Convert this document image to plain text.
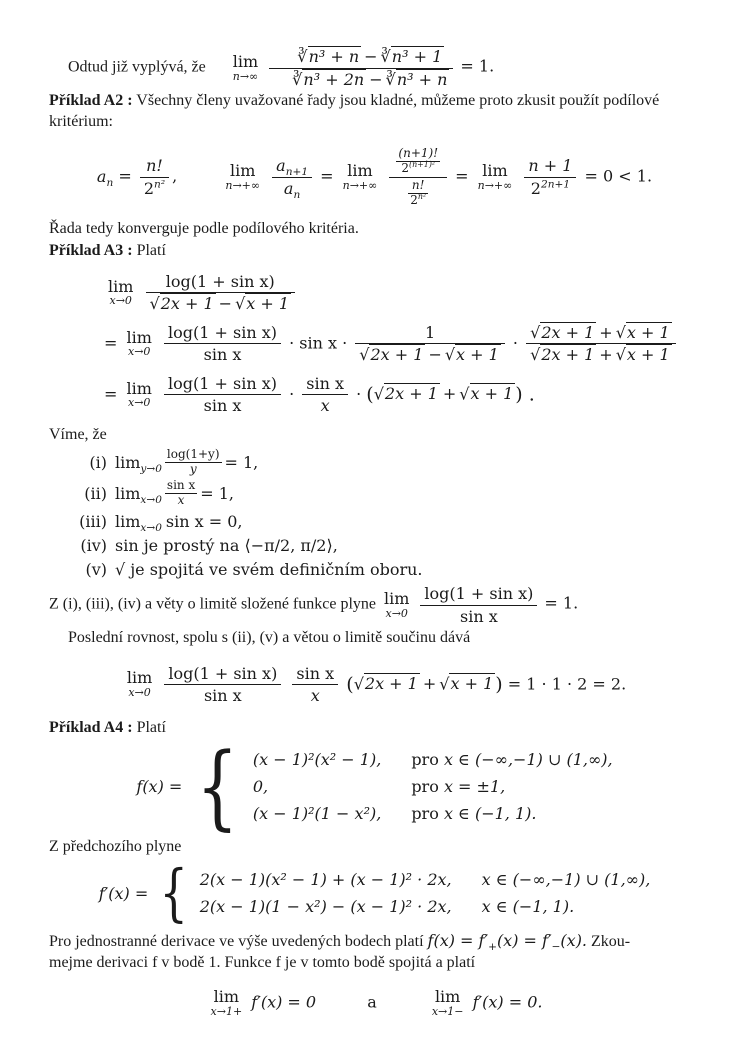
Odtud již vyplývá, že	lim
n→∞
$\frac{\text{∛n³ + n − ∛n³ + 1}}{\text{∛n³ + 2n − ∛n³ + n}} = 1$.

Příklad A2 : Všechny členy uvažované řady jsou kladné, můžeme proto zkusit použít podílové kritérium:

$a_n = \frac{n!}{2^{n^2}}$ ,	lim
n→+∞
$\frac{a_{n+1}}{a_n} = \lim$
n→+∞
$\frac{\frac{(n+1)!}{2^{(n+1)^2}}}{\frac{n!}{2^{n^2}}} = \lim$
n→+∞
$\frac{n + 1}{2^{2n+1}} = 0 < 1$.

Řada tedy konverguje podle podílového kritéria.

Příklad A3 : Platí

lim
x→0
$\frac{\text{log(1 + sin x)}}{√2x + 1 - √x + 1}$
= lim
x→0
$\frac{\text{log(1 + sin x)}}{\text{sin x}} \cdot \sin x \cdot \frac{1}{√2x + 1 - √x + 1} \cdot \frac{√2x + 1 + √x + 1}{√2x + 1 + √x + 1}$
= lim
x→0
$\frac{\text{log(1 + sin x)}}{\text{sin x}} \cdot \frac{\text{sin x}}{x} \cdot (√2x + 1 + √x + 1$ ) .

Víme, že

(i) $\lim_{y\to 0} \frac{\log(1+y)}{y} = 1$,
(ii) $\lim_{x\to 0} \frac{\text{sin x}}{x} = 1$,
(iii) $\lim_{x\to 0} \sin x = 0$,
(iv) sin je prostý na ⟨−π/2, π/2⟩,
(v) √ je spojitá ve svém definičním oboru.

Z (i), (iii), (iv) a věty o limitě složené funkce plyne lim
x→0
$\frac{\text{log(1 + sin x)}}{\text{sin x}} = 1$.

Poslední rovnost, spolu s (ii), (v) a větou o limitě součinu dává

lim
x→0
$\frac{\text{log(1 + sin x)}}{\text{sin x}}$
$\frac{\text{sin x}}{x} (√2x + 1 + √x + 1$ ) = 1 · 1 · 2 = 2.

Příklad A4 : Platí

f(x) = { (x − 1)²(x² − 1), pro x ∈ (−∞,−1) ∪ (1,∞),
0,	pro x = ±1,
(x − 1)²(1 − x²), pro x ∈ (−1, 1).

Z předchozího plyne

f′(x) = { 2(x − 1)(x² − 1) + (x − 1)² · 2x, x ∈ (−∞,−1) ∪ (1,∞),
2(x − 1)(1 − x²) − (x − 1)² · 2x, x ∈ (−1, 1).

Pro jednostranné derivace ve výše uvedených bodech platí $f(x) = f'_+(x) = f'_-(x)$. Zkou-
mejme derivaci f v bodě 1. Funkce f je v tomto bodě spojitá a platí

lim
x→1+ f′(x) = 0	a	lim
x→1− f′(x) = 0.
